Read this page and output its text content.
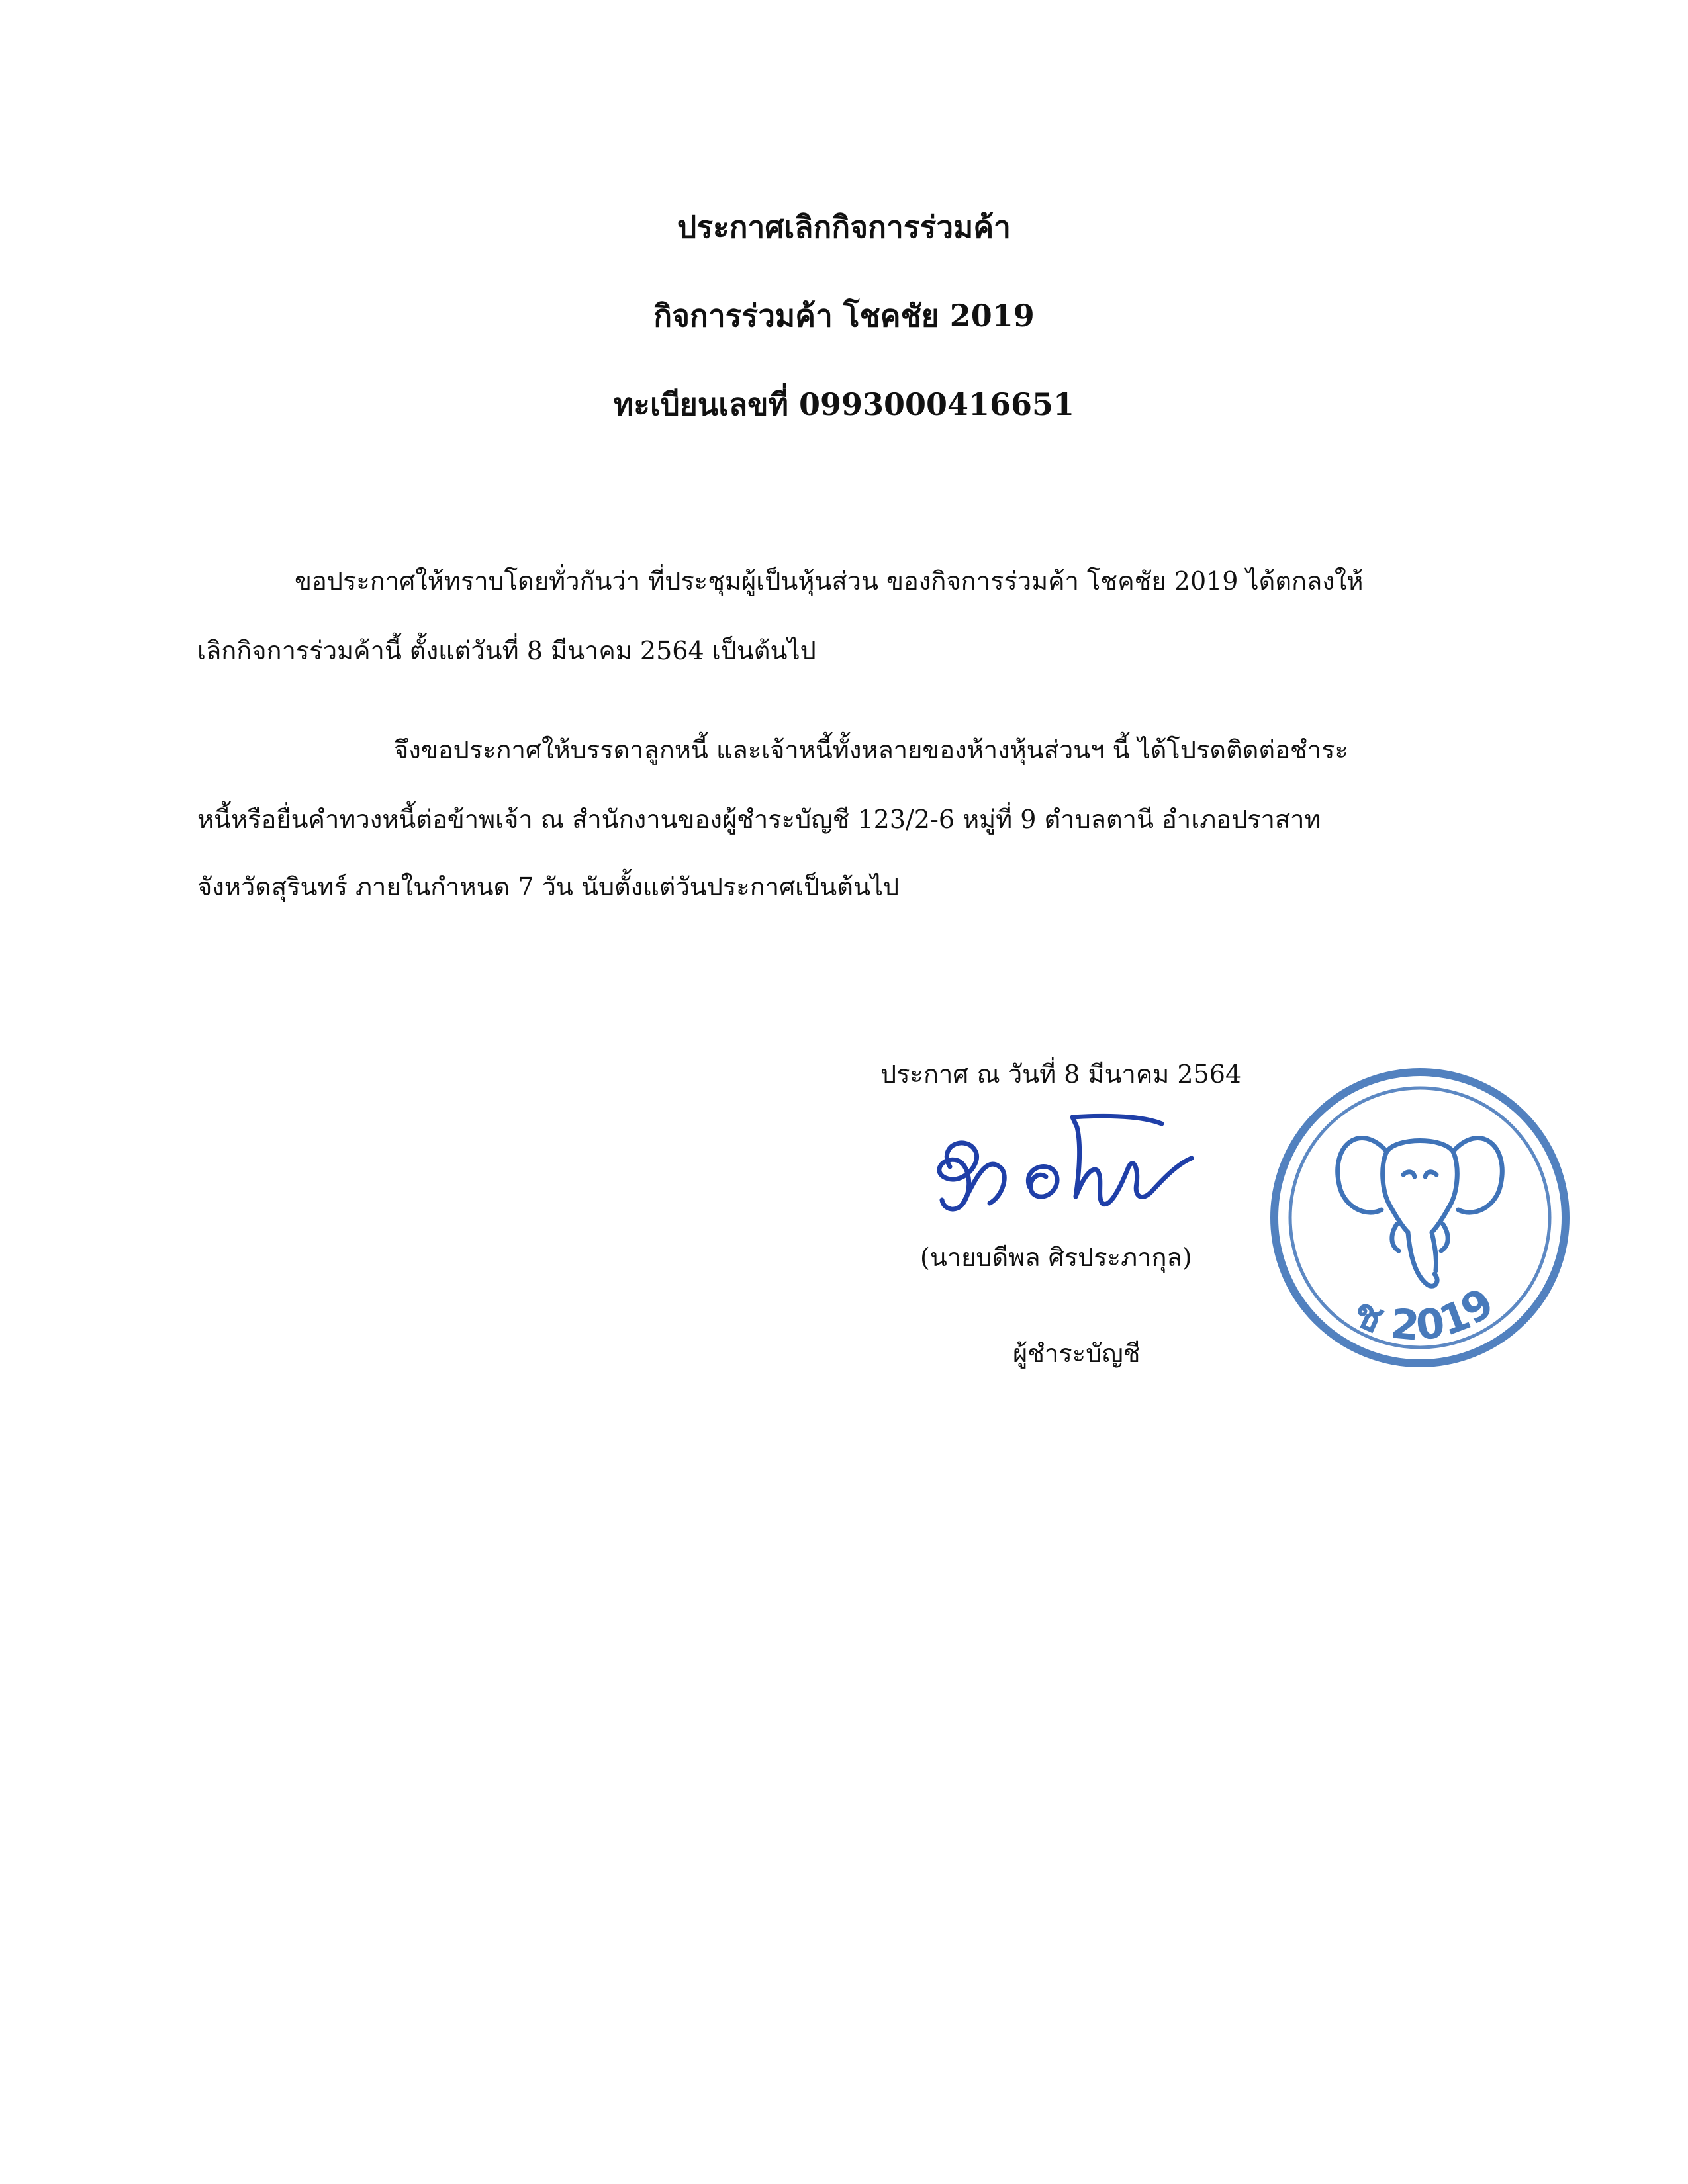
ประกาศเลิกกิจการร่วมค้า
กิจการร่วมค้า โชคชัย 2019
ทะเบียนเลขที่ 0993000416651
ขอประกาศให้ทราบโดยทั่วกันว่า ที่ประชุมผู้เป็นหุ้นส่วน ของกิจการร่วมค้า โชคชัย 2019 ได้ตกลงให้
เลิกกิจการร่วมค้านี้ ตั้งแต่วันที่ 8 มีนาคม 2564 เป็นต้นไป
จึงขอประกาศให้บรรดาลูกหนี้ และเจ้าหนี้ทั้งหลายของห้างหุ้นส่วนฯ นี้ ได้โปรดติดต่อชำระ
หนี้หรือยื่นคำทวงหนี้ต่อข้าพเจ้า ณ สำนักงานของผู้ชำระบัญชี 123/2-6 หมู่ที่ 9 ตำบลตานี อำเภอปราสาท
จังหวัดสุรินทร์ ภายในกำหนด 7 วัน นับตั้งแต่วันประกาศเป็นต้นไป
ประกาศ ณ วันที่ 8 มีนาคม 2564
(นายบดีพล ศิรประภากุล)
ผู้ชำระบัญชี
ช 2019
